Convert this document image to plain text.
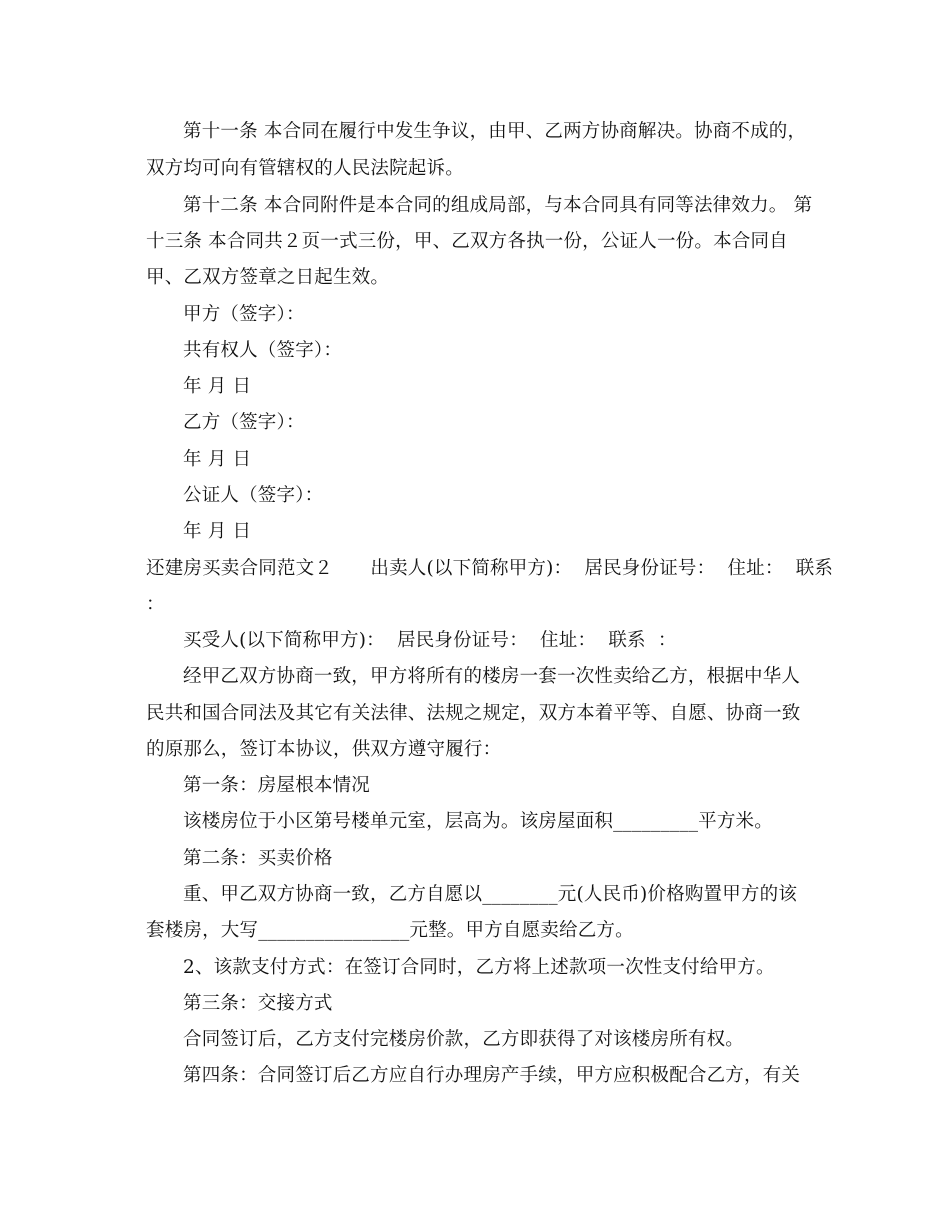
第十一条 本合同在履行中发生争议，由甲、乙两方协商解决。协商不成的，
双方均可向有管辖权的人民法院起诉。
第十二条 本合同附件是本合同的组成局部，与本合同具有同等法律效力。 第
十三条 本合同共２页一式三份，甲、乙双方各执一份，公证人一份。本合同自
甲、乙双方签章之日起生效。
甲方（签字）：
共有权人（签字）：
年 月 日
乙方（签字）：
年 月 日
公证人（签字）：
年 月 日
还建房买卖合同范文２　　出卖人(以下简称甲方)：  居民身份证号：  住址：  联系
：
买受人(以下简称甲方)：  居民身份证号：  住址：  联系  ：
经甲乙双方协商一致，甲方将所有的楼房一套一次性卖给乙方，根据中华人
民共和国合同法及其它有关法律、法规之规定，双方本着平等、自愿、协商一致
的原那么，签订本协议，供双方遵守履行：
第一条：房屋根本情况
该楼房位于小区第号楼单元室，层高为。该房屋面积_________平方米。
第二条：买卖价格
重、甲乙双方协商一致，乙方自愿以________元(人民币)价格购置甲方的该
套楼房，大写________________元整。甲方自愿卖给乙方。
2、该款支付方式：在签订合同时，乙方将上述款项一次性支付给甲方。
第三条：交接方式
合同签订后，乙方支付完楼房价款，乙方即获得了对该楼房所有权。
第四条：合同签订后乙方应自行办理房产手续，甲方应积极配合乙方，有关
